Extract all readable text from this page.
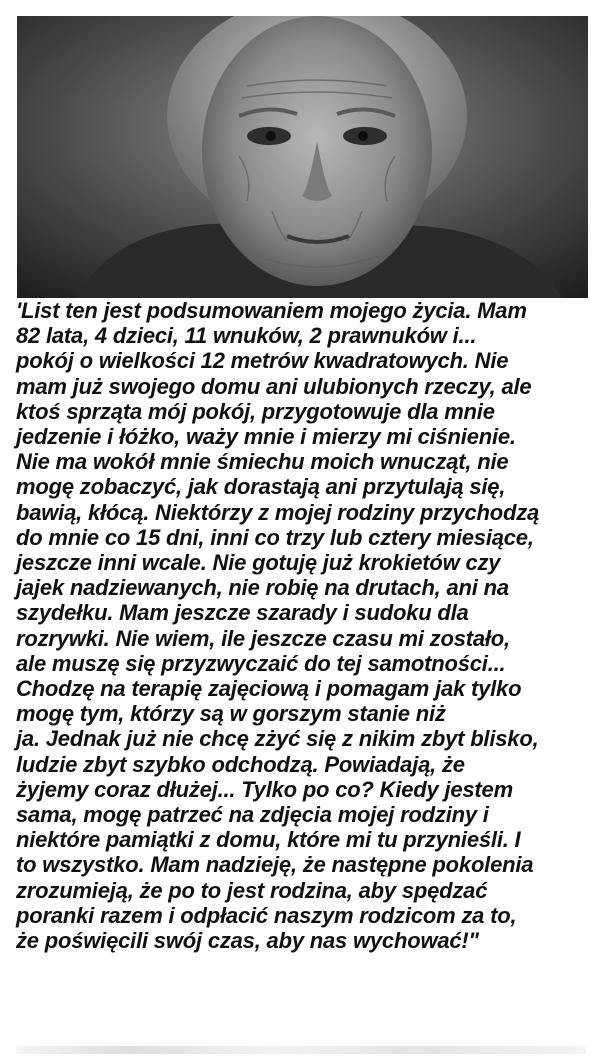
'List ten jest podsumowaniem mojego życia. Mam
82 lata, 4 dzieci, 11 wnuków, 2 prawnuków i...
pokój o wielkości 12 metrów kwadratowych. Nie
mam już swojego domu ani ulubionych rzeczy, ale
ktoś sprząta mój pokój, przygotowuje dla mnie
jedzenie i łóżko, waży mnie i mierzy mi ciśnienie.
Nie ma wokół mnie śmiechu moich wnucząt, nie
mogę zobaczyć, jak dorastają ani przytulają się,
bawią, kłócą. Niektórzy z mojej rodziny przychodzą
do mnie co 15 dni, inni co trzy lub cztery miesiące,
jeszcze inni wcale. Nie gotuję już krokietów czy
jajek nadziewanych, nie robię na drutach, ani na
szydełku. Mam jeszcze szarady i sudoku dla
rozrywki. Nie wiem, ile jeszcze czasu mi zostało,
ale muszę się przyzwyczaić do tej samotności...
Chodzę na terapię zajęciową i pomagam jak tylko
mogę tym, którzy są w gorszym stanie niż
ja. Jednak już nie chcę zżyć się z nikim zbyt blisko,
ludzie zbyt szybko odchodzą. Powiadają, że
żyjemy coraz dłużej... Tylko po co? Kiedy jestem
sama, mogę patrzeć na zdjęcia mojej rodziny i
niektóre pamiątki z domu, które mi tu przynieśli. I
to wszystko. Mam nadzieję, że następne pokolenia
zrozumieją, że po to jest rodzina, aby spędzać
poranki razem i odpłacić naszym rodzicom za to,
że poświęcili swój czas, aby nas wychować!"
